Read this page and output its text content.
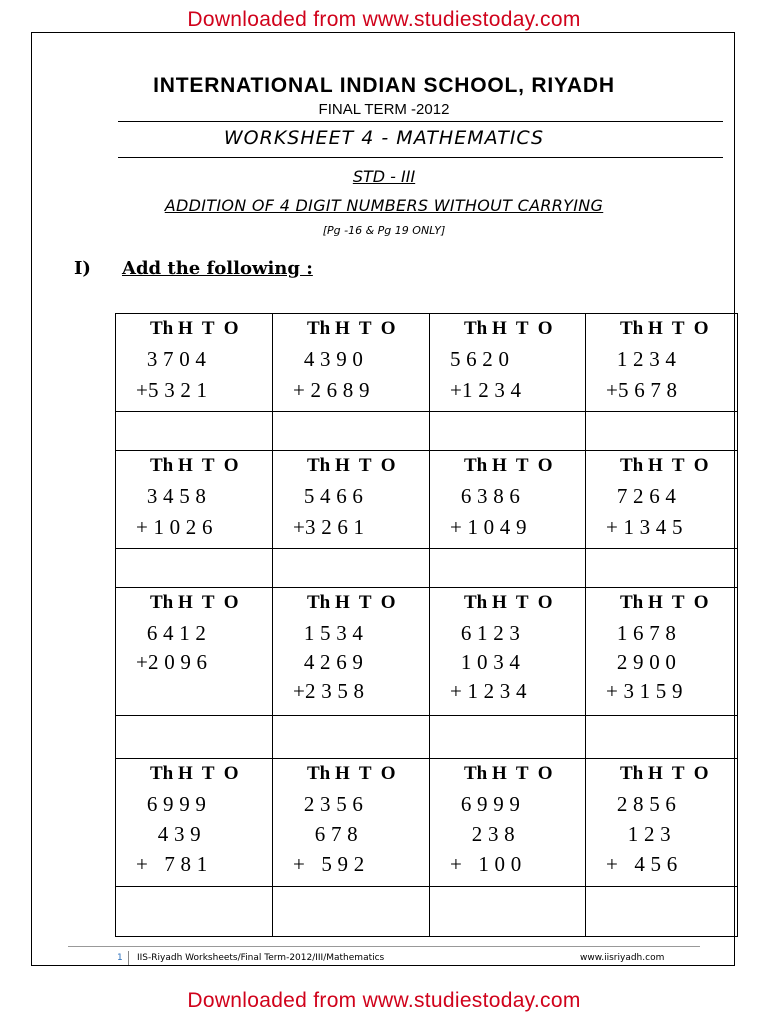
Downloaded from www.studiestoday.com
INTERNATIONAL INDIAN SCHOOL, RIYADH
FINAL TERM -2012
WORKSHEET 4 - MATHEMATICS
STD - III
ADDITION OF 4 DIGIT NUMBERS WITHOUT CARRYING
[Pg -16 & Pg 19 ONLY]
I) Add the following :
Th H  T  O
3 7 0 4
+5 3 2 1
Th H  T  O
4 3 9 0
+ 2 6 8 9
Th H  T  O
5 6 2 0
+1 2 3 4
Th H  T  O
1 2 3 4
+5 6 7 8
Th H  T  O
3 4 5 8
+ 1 0 2 6
Th H  T  O
5 4 6 6
+3 2 6 1
Th H  T  O
6 3 8 6
+ 1 0 4 9
Th H  T  O
7 2 6 4
+ 1 3 4 5
Th H  T  O
6 4 1 2
+2 0 9 6
Th H  T  O
1 5 3 4
4 2 6 9
+2 3 5 8
Th H  T  O
6 1 2 3
1 0 3 4
+ 1 2 3 4
Th H  T  O
1 6 7 8
2 9 0 0
+ 3 1 5 9
Th H  T  O
6 9 9 9
4 3 9
+   7 8 1
Th H  T  O
2 3 5 6
6 7 8
+   5 9 2
Th H  T  O
6 9 9 9
2 3 8
+   1 0 0
Th H  T  O
2 8 5 6
1 2 3
+   4 5 6
1 IIS-Riyadh Worksheets/Final Term-2012/III/Mathematics	www.iisriyadh.com
Downloaded from www.studiestoday.com
